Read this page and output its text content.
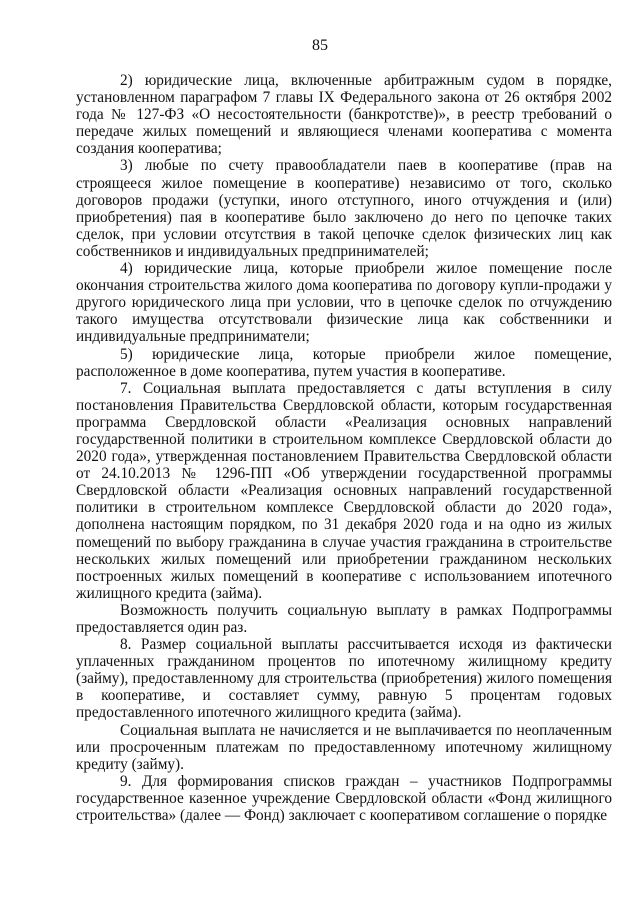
85

2) юридические лица, включенные арбитражным судом в порядке, установленном параграфом 7 главы IX Федерального закона от 26 октября 2002 года № 127-ФЗ «О несостоятельности (банкротстве)», в реестр требований о передаче жилых помещений и являющиеся членами кооператива с момента создания кооператива;

3) любые по счету правообладатели паев в кооперативе (прав на строящееся жилое помещение в кооперативе) независимо от того, сколько договоров продажи (уступки, иного отступного, иного отчуждения и (или) приобретения) пая в кооперативе было заключено до него по цепочке таких сделок, при условии отсутствия в такой цепочке сделок физических лиц как собственников и индивидуальных предпринимателей;

4) юридические лица, которые приобрели жилое помещение после окончания строительства жилого дома кооператива по договору купли-продажи у другого юридического лица при условии, что в цепочке сделок по отчуждению такого имущества отсутствовали физические лица как собственники и индивидуальные предприниматели;

5) юридические лица, которые приобрели жилое помещение, расположенное в доме кооператива, путем участия в кооперативе.

7. Социальная выплата предоставляется с даты вступления в силу постановления Правительства Свердловской области, которым государственная программа Свердловской области «Реализация основных направлений государственной политики в строительном комплексе Свердловской области до 2020 года», утвержденная постановлением Правительства Свердловской области от 24.10.2013 № 1296-ПП «Об утверждении государственной программы Свердловской области «Реализация основных направлений государственной политики в строительном комплексе Свердловской области до 2020 года», дополнена настоящим порядком, по 31 декабря 2020 года и на одно из жилых помещений по выбору гражданина в случае участия гражданина в строительстве нескольких жилых помещений или приобретении гражданином нескольких построенных жилых помещений в кооперативе с использованием ипотечного жилищного кредита (займа).

Возможность получить социальную выплату в рамках Подпрограммы предоставляется один раз.

8. Размер социальной выплаты рассчитывается исходя из фактически уплаченных гражданином процентов по ипотечному жилищному кредиту (займу), предоставленному для строительства (приобретения) жилого помещения в кооперативе, и составляет сумму, равную 5 процентам годовых предоставленного ипотечного жилищного кредита (займа).

Социальная выплата не начисляется и не выплачивается по неоплаченным или просроченным платежам по предоставленному ипотечному жилищному кредиту (займу).

9. Для формирования списков граждан – участников Подпрограммы государственное казенное учреждение Свердловской области «Фонд жилищного строительства» (далее — Фонд) заключает с кооперативом соглашение о порядке
